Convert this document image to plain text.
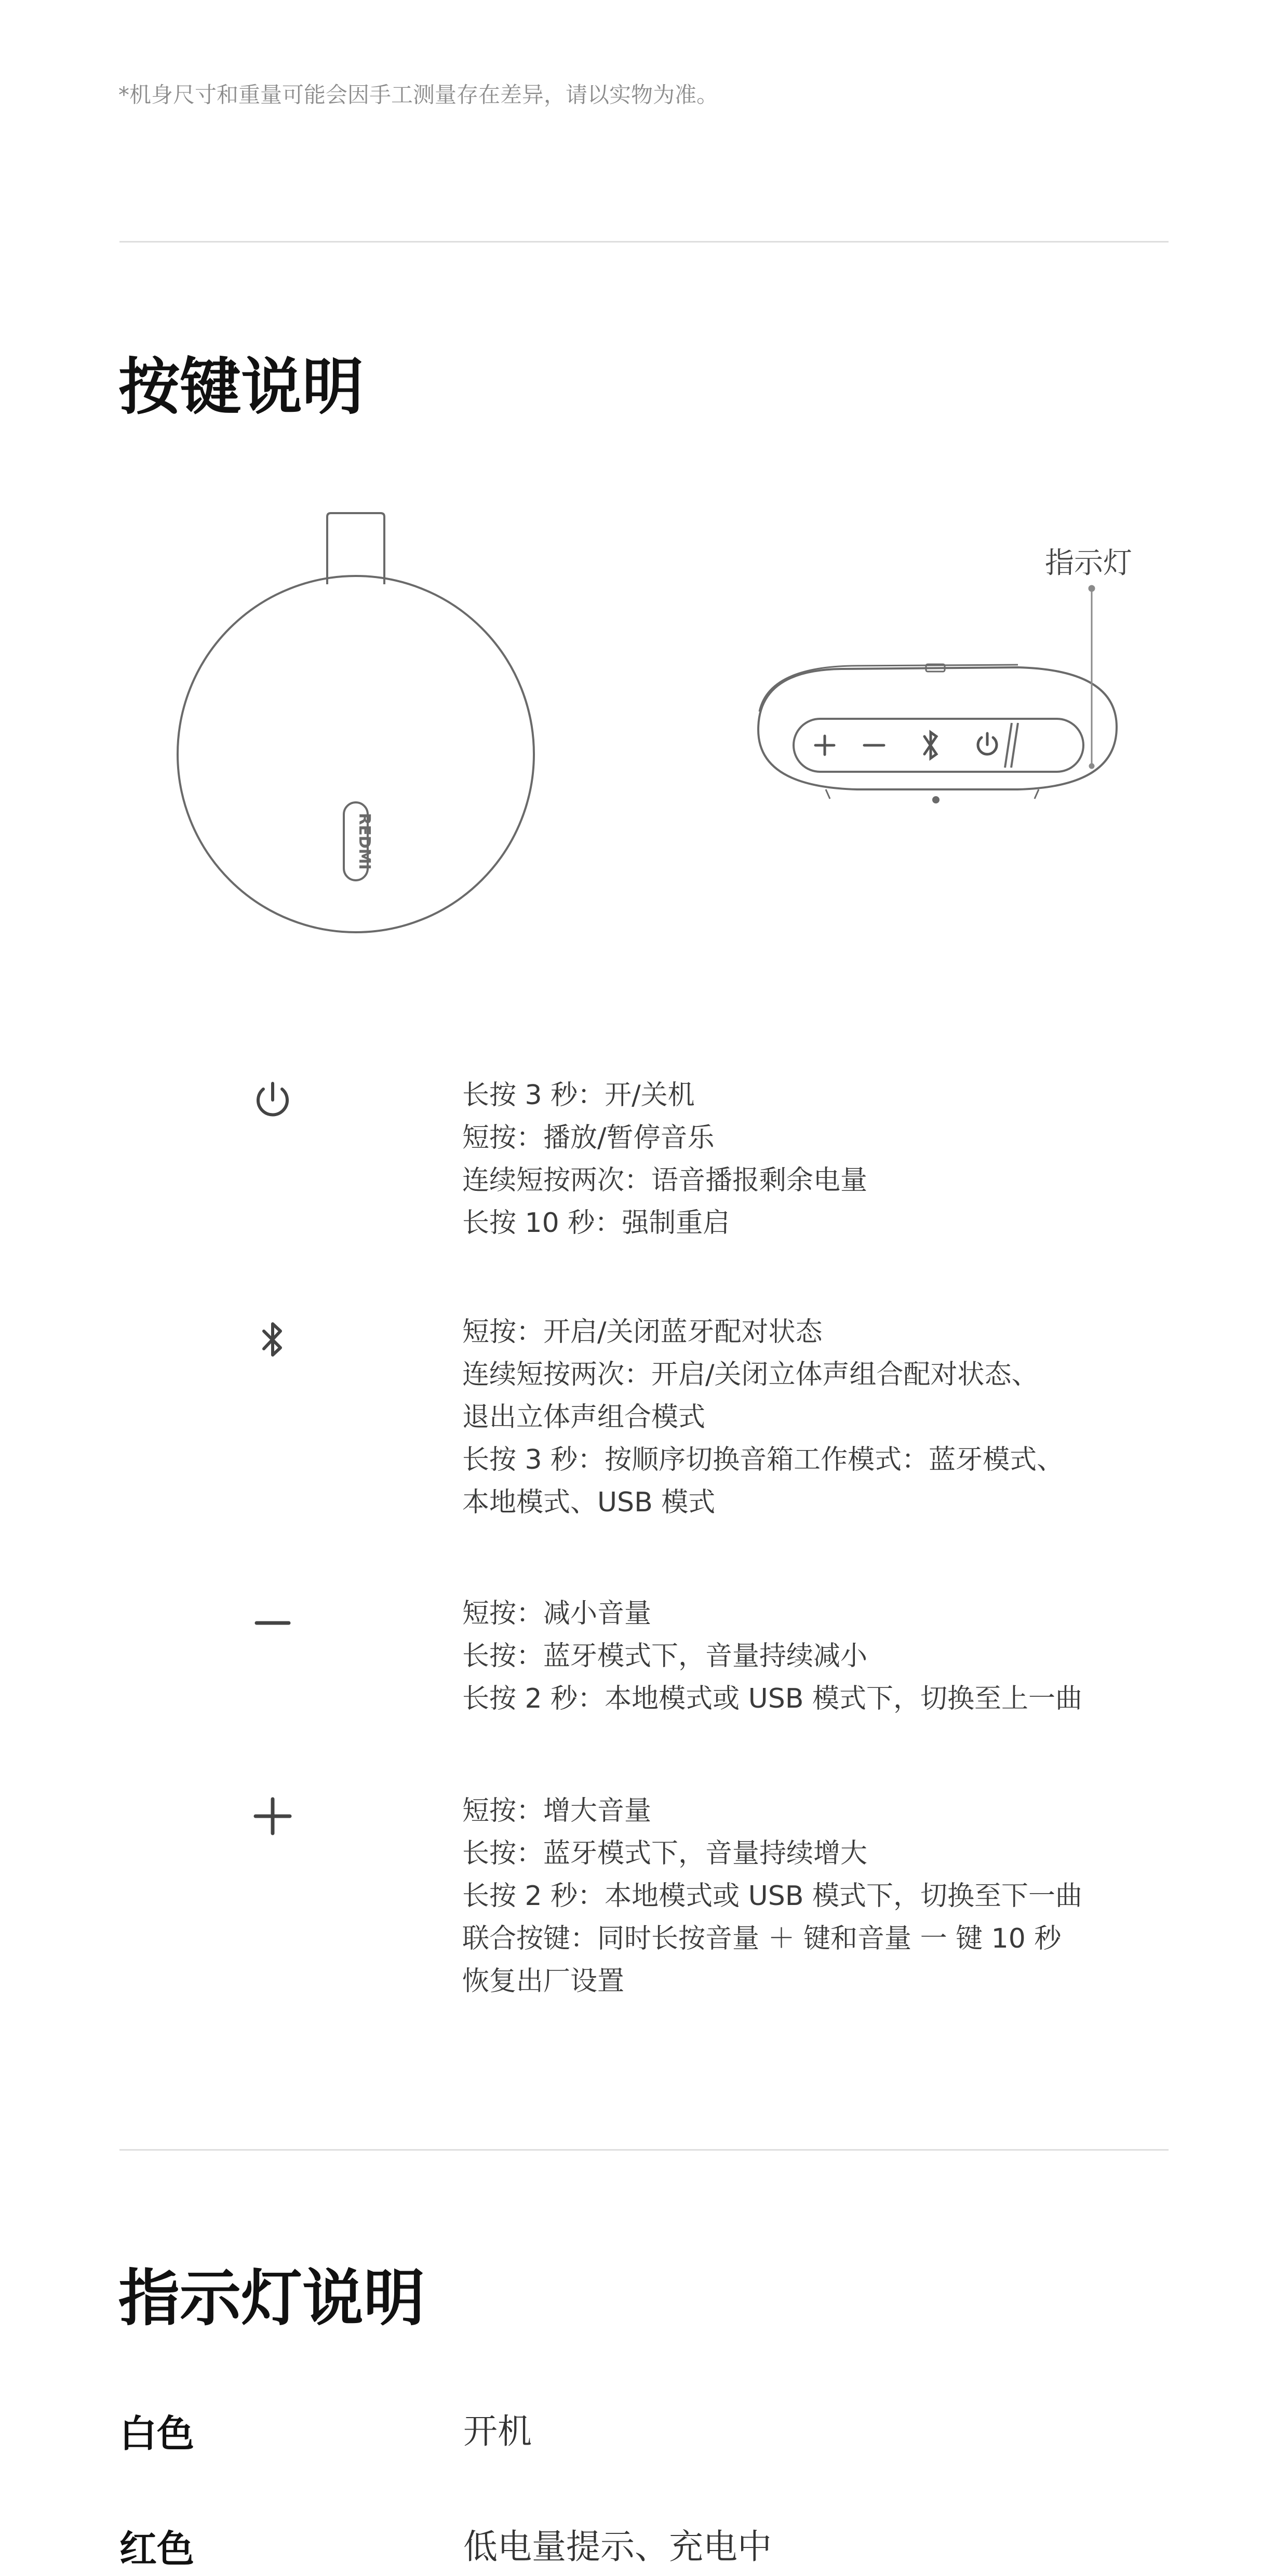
*机身尺寸和重量可能会因手工测量存在差异，请以实物为准。
按键说明
REDMI
指示灯
长按 3 秒：开/关机
短按：播放/暂停音乐
连续短按两次：语音播报剩余电量
长按 10 秒：强制重启
短按：开启/关闭蓝牙配对状态
连续短按两次：开启/关闭立体声组合配对状态、
退出立体声组合模式
长按 3 秒：按顺序切换音箱工作模式：蓝牙模式、
本地模式、USB 模式
短按：减小音量
长按：蓝牙模式下，音量持续减小
长按 2 秒：本地模式或 USB 模式下，切换至上一曲
短按：增大音量
长按：蓝牙模式下，音量持续增大
长按 2 秒：本地模式或 USB 模式下，切换至下一曲
联合按键：同时长按音量 ＋ 键和音量 一 键 10 秒
恢复出厂设置
指示灯说明
白色	开机
红色	低电量提示、充电中
